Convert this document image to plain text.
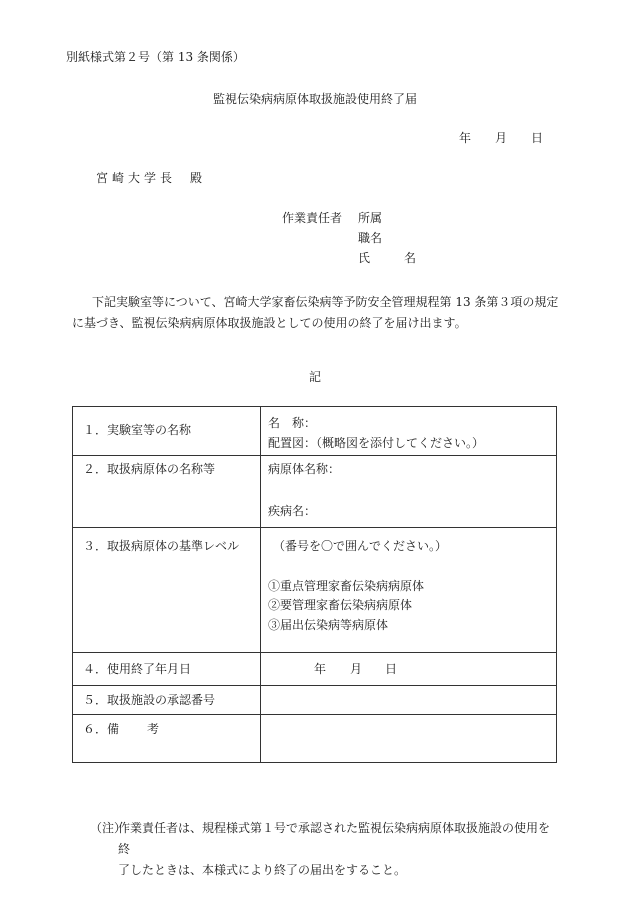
別紙様式第２号（第 13 条関係）
監視伝染病病原体取扱施設使用終了届
年 月 日
宮崎大学長 殿
作業責任者 所属
職名
氏	名
下記実験室等について、宮崎大学家畜伝染病等予防安全管理規程第 13 条第３項の規定に基づき、監視伝染病病原体取扱施設としての使用の終了を届け出ます。
記
１．実験室等の名称	名　称：
配置図：（概略図を添付してください。）

２．取扱病原体の名称等	病原体名称：
疾病名：

３．取扱病原体の基準レベル	（番号を〇で囲んでください。）
①重点管理家畜伝染病病原体
②要管理家畜伝染病病原体
③届出伝染病等病原体

４．使用終了年月日	年 月 日

５．取扱施設の承認番号	

６．備 考	

（注）
作業責任者は、規程様式第１号で承認された監視伝染病病原体取扱施設の使用を終
了したときは、本様式により終了の届出をすること。
